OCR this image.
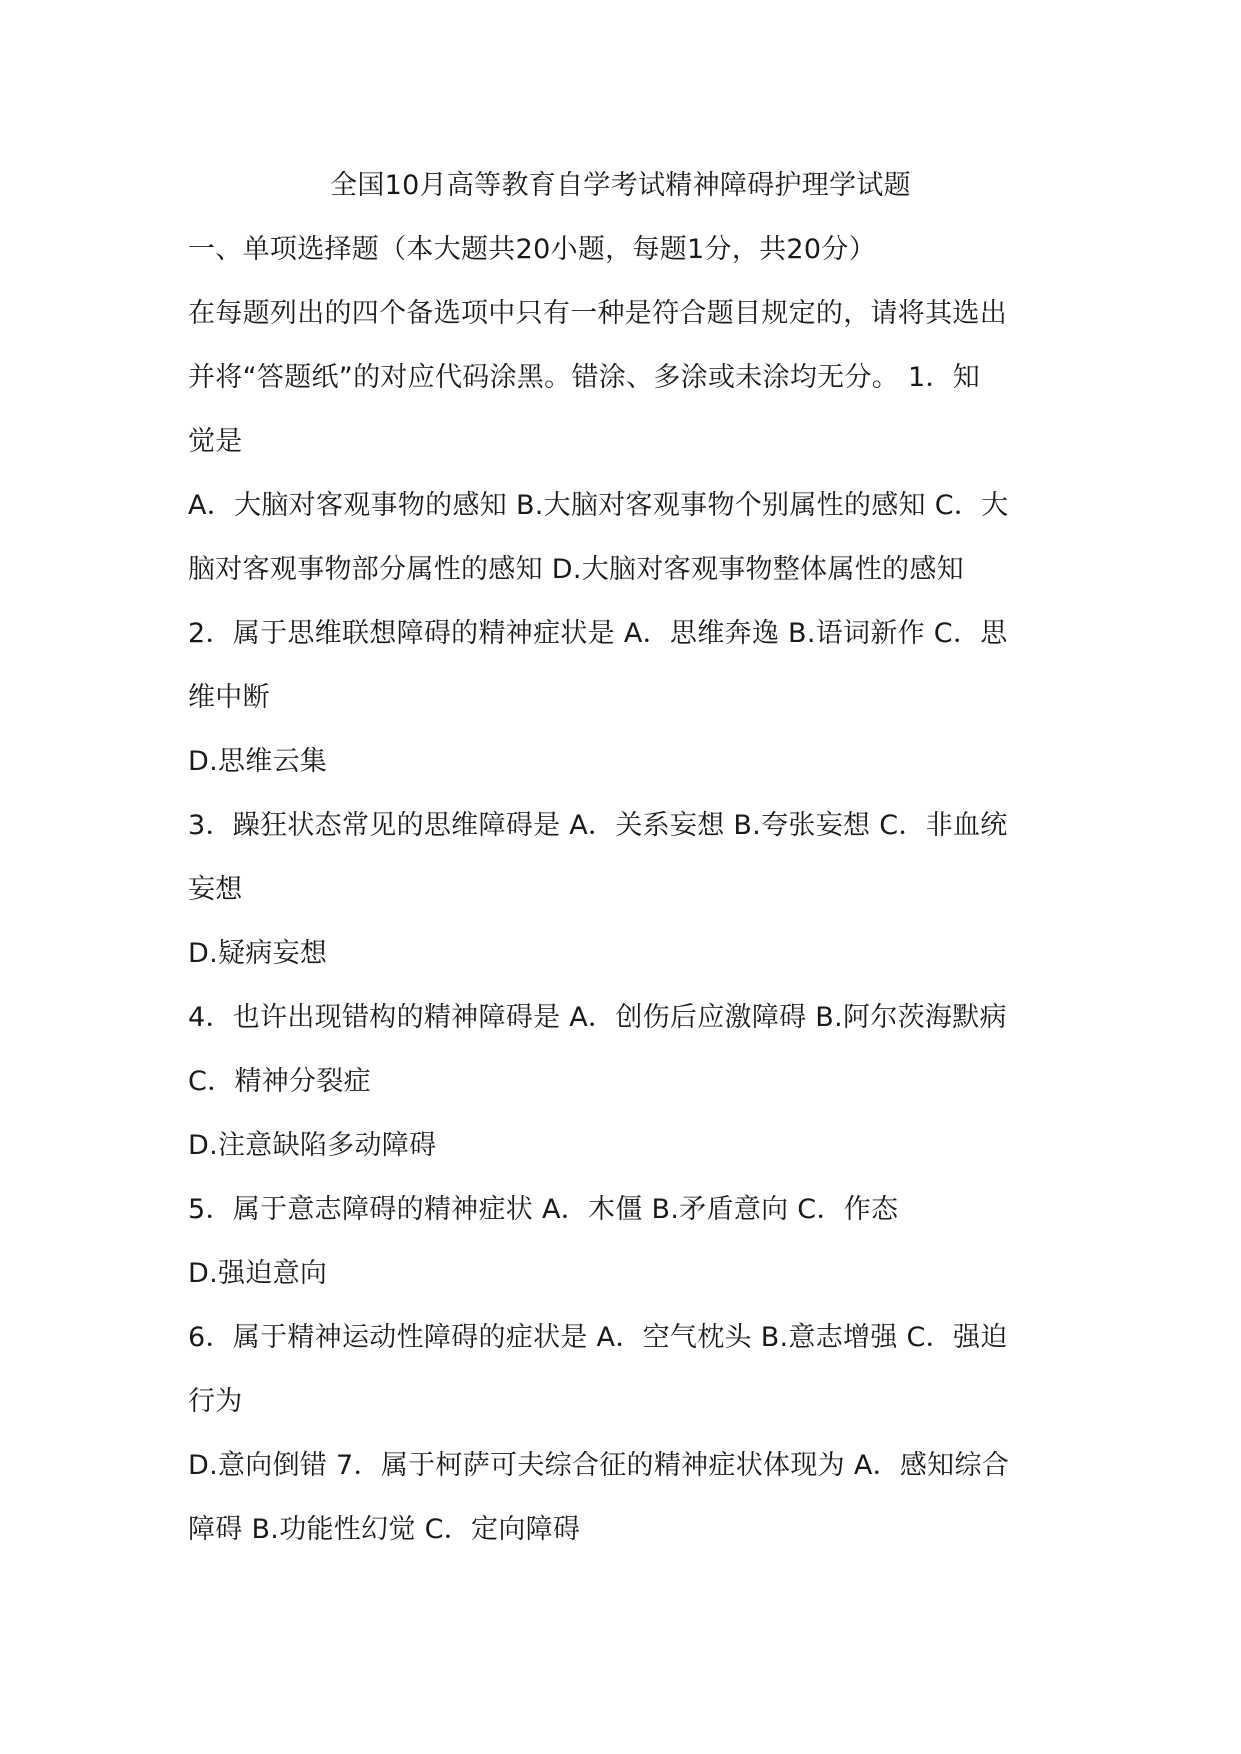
全国10月高等教育自学考试精神障碍护理学试题
一、单项选择题（本大题共20小题，每题1分，共20分）
在每题列出的四个备选项中只有一种是符合题目规定的，请将其选出
并将“答题纸”的对应代码涂黑。错涂、多涂或未涂均无分。 1．知
觉是
A．大脑对客观事物的感知 B.大脑对客观事物个别属性的感知 C．大
脑对客观事物部分属性的感知 D.大脑对客观事物整体属性的感知
2．属于思维联想障碍的精神症状是 A．思维奔逸 B.语词新作 C．思
维中断
D.思维云集
3．躁狂状态常见的思维障碍是 A．关系妄想 B.夸张妄想 C．非血统
妄想
D.疑病妄想
4．也许出现错构的精神障碍是 A．创伤后应激障碍 B.阿尔茨海默病
C．精神分裂症
D.注意缺陷多动障碍
5．属于意志障碍的精神症状 A．木僵 B.矛盾意向 C．作态
D.强迫意向
6．属于精神运动性障碍的症状是 A．空气枕头 B.意志增强 C．强迫
行为
D.意向倒错 7．属于柯萨可夫综合征的精神症状体现为 A．感知综合
障碍 B.功能性幻觉 C．定向障碍
